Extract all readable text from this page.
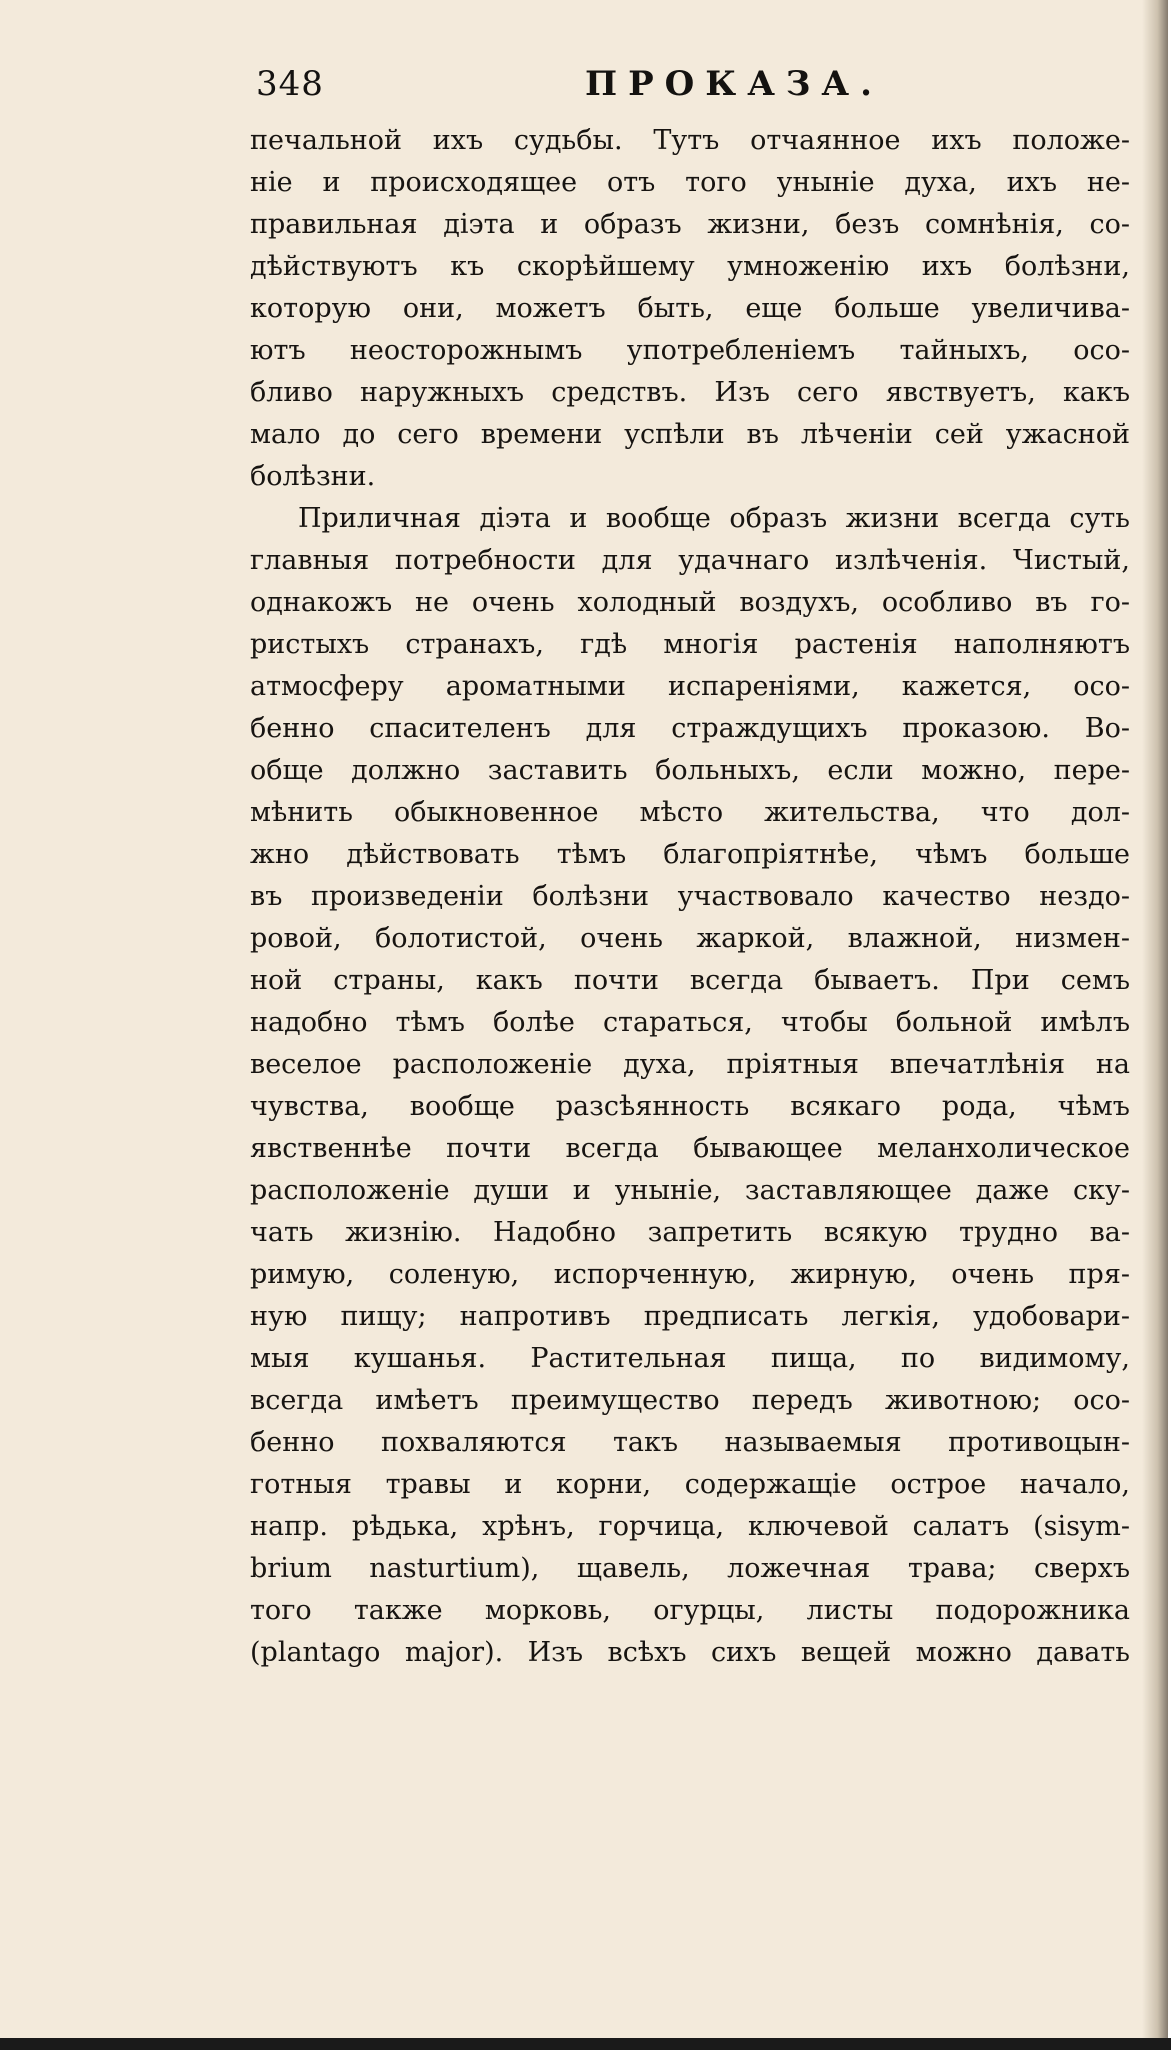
348	ПРОКАЗА.
печальной ихъ судьбы. Тутъ отчаянное ихъ положе-
ніе и происходящее отъ того уныніе духа, ихъ не-
правильная діэта и образъ жизни, безъ сомнѣнія, со-
дѣйствуютъ къ скорѣйшему умноженію ихъ болѣзни,
которую они, можетъ быть, еще больше увеличива-
ютъ неосторожнымъ употребленіемъ тайныхъ, осо-
бливо наружныхъ средствъ. Изъ сего явствуетъ, какъ
мало до сего времени успѣли въ лѣченіи сей ужасной
болѣзни.
Приличная діэта и вообще образъ жизни всегда суть
главныя потребности для удачнаго излѣченія. Чистый,
однакожъ не очень холодный воздухъ, особливо въ го-
ристыхъ странахъ, гдѣ многія растенія наполняютъ
атмосферу ароматными испареніями, кажется, осо-
бенно спасителенъ для страждущихъ проказою. Во-
обще должно заставить больныхъ, если можно, пере-
мѣнить обыкновенное мѣсто жительства, что дол-
жно дѣйствовать тѣмъ благопріятнѣе, чѣмъ больше
въ произведеніи болѣзни участвовало качество нездо-
ровой, болотистой, очень жаркой, влажной, низмен-
ной страны, какъ почти всегда бываетъ. При семъ
надобно тѣмъ болѣе стараться, чтобы больной имѣлъ
веселое расположеніе духа, пріятныя впечатлѣнія на
чувства, вообще разсѣянность всякаго рода, чѣмъ
явственнѣе почти всегда бывающее меланхолическое
расположеніе души и уныніе, заставляющее даже ску-
чать жизнію. Надобно запретить всякую трудно ва-
римую, соленую, испорченную, жирную, очень пря-
ную пищу; напротивъ предписать легкія, удобовари-
мыя кушанья. Растительная пища, по видимому,
всегда имѣетъ преимущество передъ животною; осо-
бенно похваляются такъ называемыя противоцын-
готныя травы и корни, содержащіе острое начало,
напр. рѣдька, хрѣнъ, горчица, ключевой салатъ (sisym-
brium nasturtium), щавель, ложечная трава; сверхъ
того также морковь, огурцы, листы подорожника
(plantago major). Изъ всѣхъ сихъ вещей можно давать
